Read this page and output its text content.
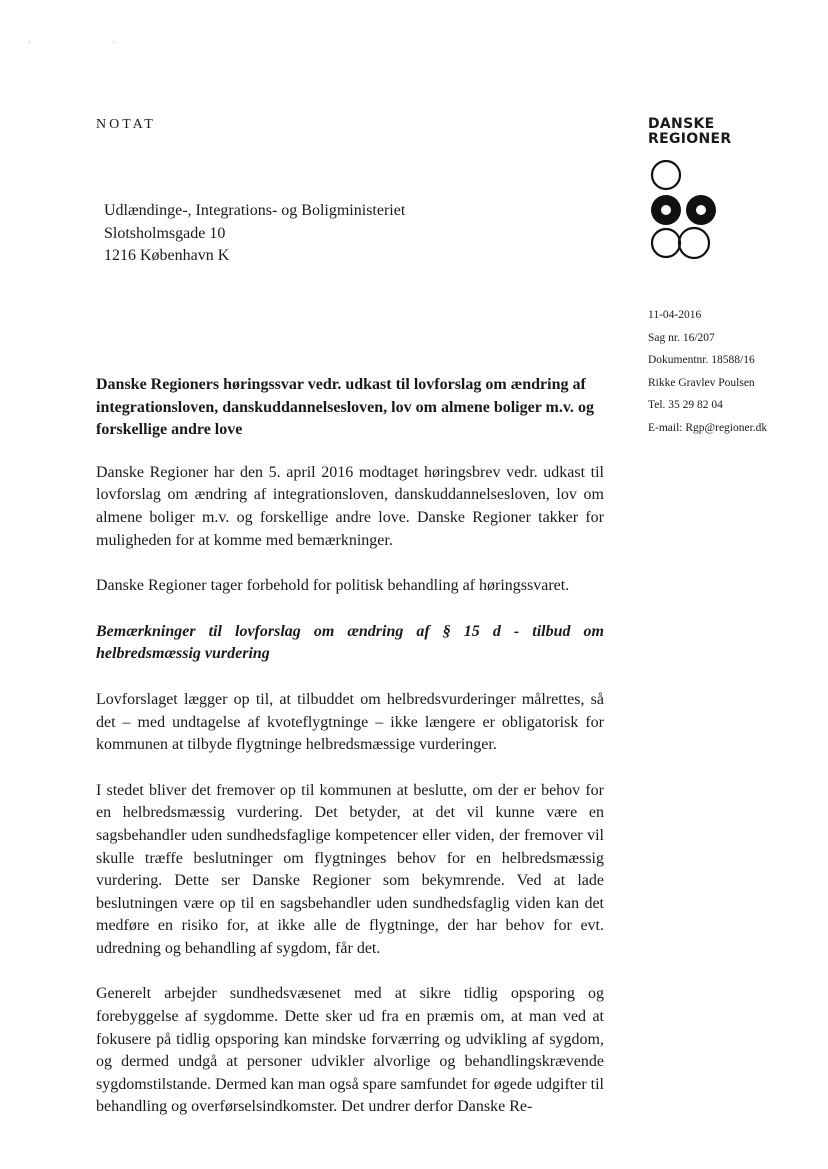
· ·
NOTAT	DANSKE
REGIONER
Udlændinge-, Integrations- og Boligministeriet
Slotsholmsgade 10
1216 København K
11-04-2016
Sag nr. 16/207
Dokumentnr. 18588/16
Rikke Gravlev Poulsen
Tel. 35 29 82 04
E-mail: Rgp@regioner.dk

Danske Regioners høringssvar vedr. udkast til lovforslag om ændring af integrationsloven, danskuddannelsesloven, lov om almene boliger m.v. og forskellige andre love

Danske Regioner har den 5. april 2016 modtaget høringsbrev vedr. udkast til lovforslag om ændring af integrationsloven, danskuddannelsesloven, lov om almene boliger m.v. og forskellige andre love. Danske Regioner takker for muligheden for at komme med bemærkninger.

Danske Regioner tager forbehold for politisk behandling af høringssvaret.

Bemærkninger til lovforslag om ændring af § 15 d - tilbud om helbredsmæssig vurdering

Lovforslaget lægger op til, at tilbuddet om helbredsvurderinger målrettes, så det – med undtagelse af kvoteflygtninge – ikke længere er obligatorisk for kommunen at tilbyde flygtninge helbredsmæssige vurderinger.

I stedet bliver det fremover op til kommunen at beslutte, om der er behov for en helbredsmæssig vurdering. Det betyder, at det vil kunne være en sagsbehandler uden sundhedsfaglige kompetencer eller viden, der fremover vil skulle træffe beslutninger om flygtninges behov for en helbredsmæssig vurdering. Dette ser Danske Regioner som bekymrende. Ved at lade beslutningen være op til en sagsbehandler uden sundhedsfaglig viden kan det medføre en risiko for, at ikke alle de flygtninge, der har behov for evt. udredning og behandling af sygdom, får det.

Generelt arbejder sundhedsvæsenet med at sikre tidlig opsporing og forebyggelse af sygdomme. Dette sker ud fra en præmis om, at man ved at fokusere på tidlig opsporing kan mindske forværring og udvikling af sygdom, og dermed undgå at personer udvikler alvorlige og behandlingskrævende sygdomstilstande. Dermed kan man også spare samfundet for øgede udgifter til behandling og overførselsindkomster. Det undrer derfor Danske Re-
